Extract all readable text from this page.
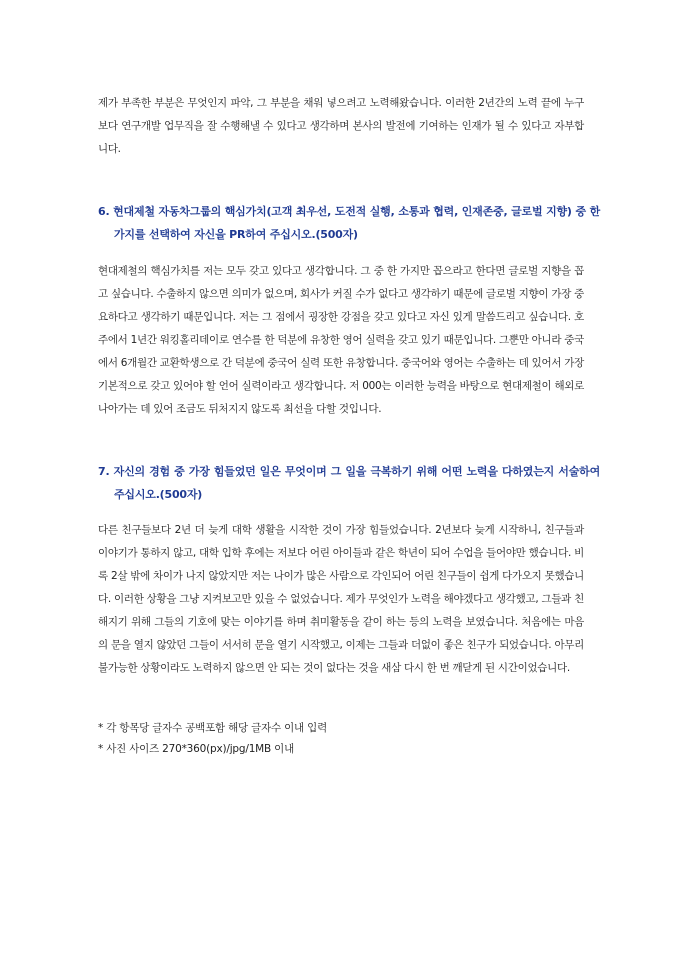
제가 부족한 부분은 무엇인지 파악, 그 부분을 채워 넣으려고 노력해왔습니다. 이러한 2년간의 노력 끝에 누구보다 연구개발 업무직을 잘 수행해낼 수 있다고 생각하며 본사의 발전에 기여하는 인재가 될 수 있다고 자부합니다.

6. 현대제철 자동차그룹의 핵심가치(고객 최우선, 도전적 실행, 소통과 협력, 인재존중, 글로벌 지향) 중 한가지를 선택하여 자신을 PR하여 주십시오.(500자)

현대제철의 핵심가치를 저는 모두 갖고 있다고 생각합니다. 그 중 한 가지만 꼽으라고 한다면 글로벌 지향을 꼽고 싶습니다. 수출하지 않으면 의미가 없으며, 회사가 커질 수가 없다고 생각하기 때문에 글로벌 지향이 가장 중요하다고 생각하기 때문입니다. 저는 그 점에서 굉장한 강점을 갖고 있다고 자신 있게 말씀드리고 싶습니다. 호주에서 1년간 워킹홀리데이로 연수를 한 덕분에 유창한 영어 실력을 갖고 있기 때문입니다. 그뿐만 아니라 중국에서 6개월간 교환학생으로 간 덕분에 중국어 실력 또한 유창합니다. 중국어와 영어는 수출하는 데 있어서 가장 기본적으로 갖고 있어야 할 언어 실력이라고 생각합니다. 저 000는 이러한 능력을 바탕으로 현대제철이 해외로 나아가는 데 있어 조금도 뒤처지지 않도록 최선을 다할 것입니다.

7. 자신의 경험 중 가장 힘들었던 일은 무엇이며 그 일을 극복하기 위해 어떤 노력을 다하였는지 서술하여 주십시오.(500자)

다른 친구들보다 2년 더 늦게 대학 생활을 시작한 것이 가장 힘들었습니다. 2년보다 늦게 시작하니, 친구들과 이야기가 통하지 않고, 대학 입학 후에는 저보다 어린 아이들과 같은 학년이 되어 수업을 들어야만 했습니다. 비록 2살 밖에 차이가 나지 않았지만 저는 나이가 많은 사람으로 각인되어 어린 친구들이 쉽게 다가오지 못했습니다. 이러한 상황을 그냥 지켜보고만 있을 수 없었습니다. 제가 무엇인가 노력을 해야겠다고 생각했고, 그들과 친해지기 위해 그들의 기호에 맞는 이야기를 하며 취미활동을 같이 하는 등의 노력을 보였습니다. 처음에는 마음의 문을 열지 않았던 그들이 서서히 문을 열기 시작했고, 이제는 그들과 더없이 좋은 친구가 되었습니다. 아무리 불가능한 상황이라도 노력하지 않으면 안 되는 것이 없다는 것을 새삼 다시 한 번 깨닫게 된 시간이었습니다.

* 각 항목당 글자수 공백포함 해당 글자수 이내 입력

* 사진 사이즈 270*360(px)/jpg/1MB 이내
